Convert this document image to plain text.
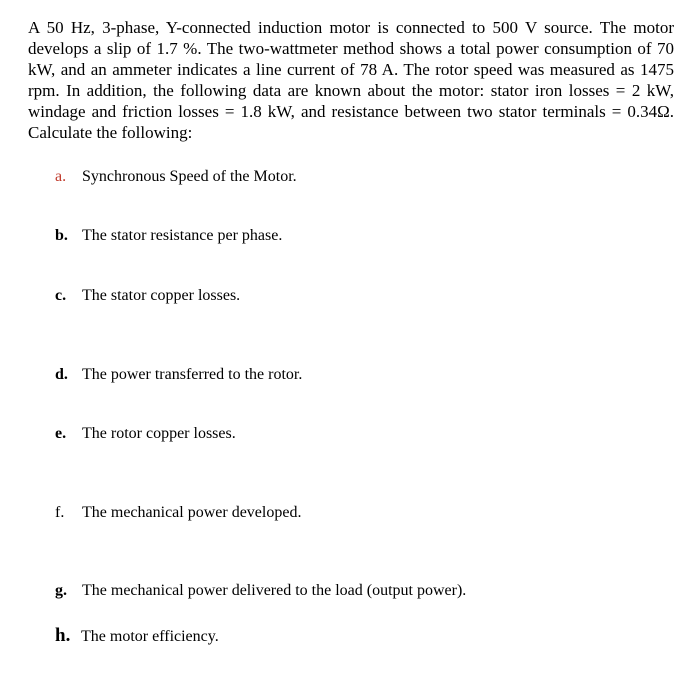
A 50 Hz, 3-phase, Y-connected induction motor is connected to 500 V source. The motor develops a slip of 1.7 %. The two-wattmeter method shows a total power consumption of 70 kW, and an ammeter indicates a line current of 78 A. The rotor speed was measured as 1475 rpm. In addition, the following data are known about the motor: stator iron losses = 2 kW, windage and friction losses = 1.8 kW, and resistance between two stator terminals = 0.34Ω. Calculate the following:

a. Synchronous Speed of the Motor.
b. The stator resistance per phase.
c. The stator copper losses.
d. The power transferred to the rotor.
e. The rotor copper losses.
f. The mechanical power developed.
g. The mechanical power delivered to the load (output power).
h. The motor efficiency.
